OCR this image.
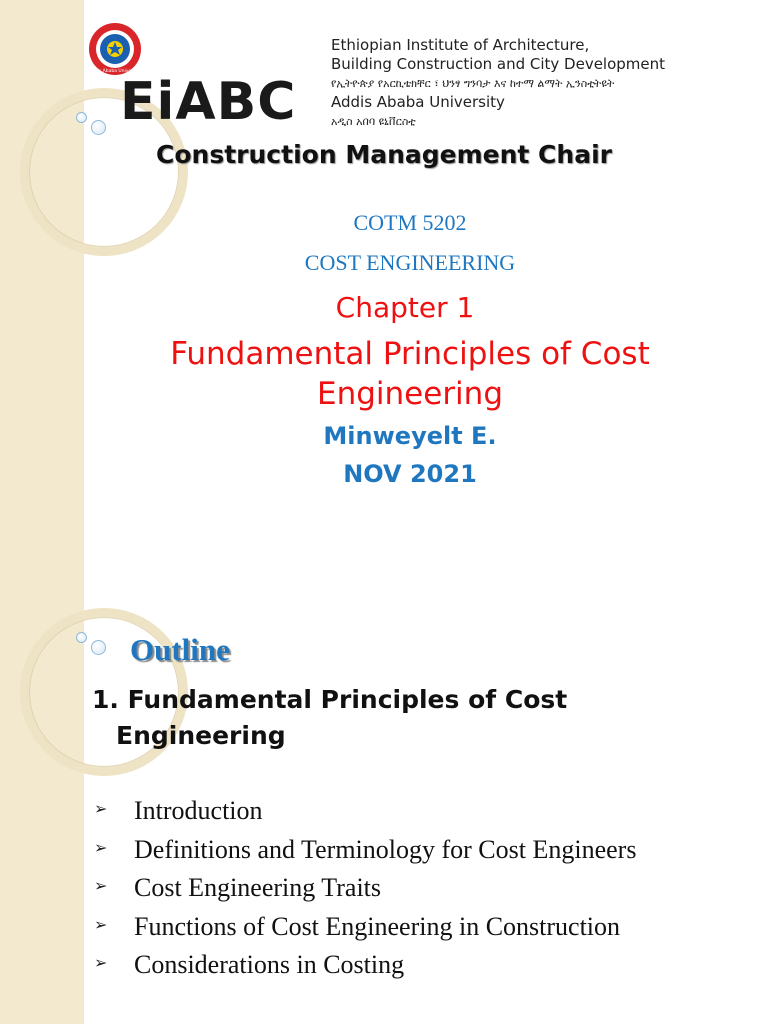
Addis Ababa University
EiABC
Ethiopian Institute of Architecture,
Building Construction and City Development
የኢትዮጵያ የአርኪቴክቸር ፣ ህንፃ ግንባታ እና ከተማ ልማት ኢንስቲትዩት
Addis Ababa University
አዲስ አበባ ዩኒቨርስቲ
Construction Management Chair
COTM 5202
COST ENGINEERING
Chapter 1
Fundamental Principles of Cost Engineering
Minweyelt E.
NOV 2021
Outline
1. Fundamental Principles of Cost
Engineering
➢ Introduction
➢ Definitions and Terminology for Cost Engineers
➢ Cost Engineering Traits
➢ Functions of Cost Engineering in Construction
➢ Considerations in Costing
